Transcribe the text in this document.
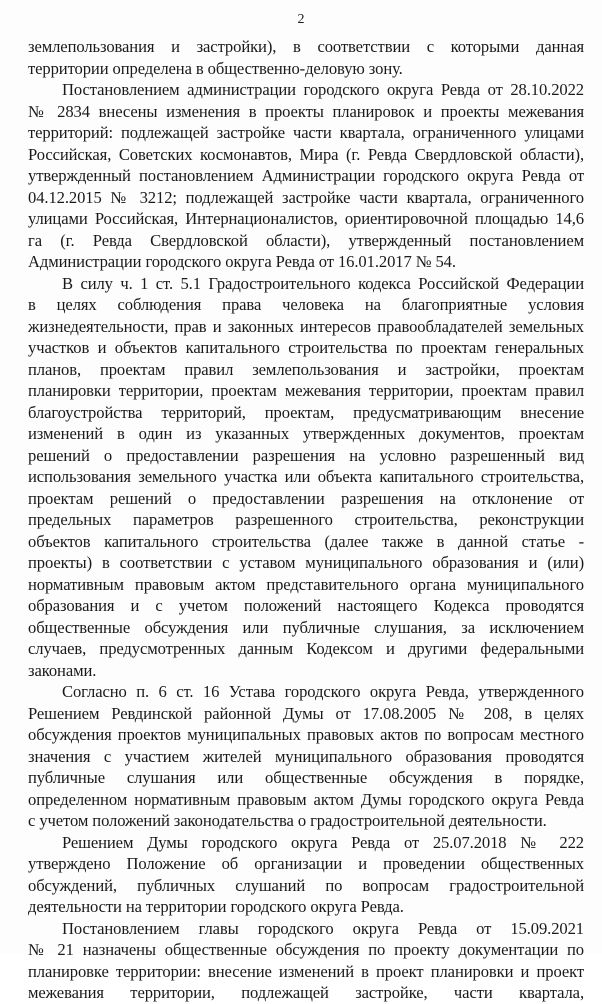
2
землепользования и застройки), в соответствии с которыми данная
территории определена в общественно-деловую зону.
Постановлением администрации городского округа Ревда от 28.10.2022
№ 2834 внесены изменения в проекты планировок и проекты межевания
территорий: подлежащей застройке части квартала, ограниченного улицами
Российская, Советских космонавтов, Мира (г. Ревда Свердловской области),
утвержденный постановлением Администрации городского округа Ревда от
04.12.2015 № 3212; подлежащей застройке части квартала, ограниченного
улицами Российская, Интернационалистов, ориентировочной площадью 14,6
га (г. Ревда Свердловской области), утвержденный постановлением
Администрации городского округа Ревда от 16.01.2017 № 54.
В силу ч. 1 ст. 5.1 Градостроительного кодекса Российской Федерации
в целях соблюдения права человека на благоприятные условия
жизнедеятельности, прав и законных интересов правообладателей земельных
участков и объектов капитального строительства по проектам генеральных
планов, проектам правил землепользования и застройки, проектам
планировки территории, проектам межевания территории, проектам правил
благоустройства территорий, проектам, предусматривающим внесение
изменений в один из указанных утвержденных документов, проектам
решений о предоставлении разрешения на условно разрешенный вид
использования земельного участка или объекта капитального строительства,
проектам решений о предоставлении разрешения на отклонение от
предельных параметров разрешенного строительства, реконструкции
объектов капитального строительства (далее также в данной статье -
проекты) в соответствии с уставом муниципального образования и (или)
нормативным правовым актом представительного органа муниципального
образования и с учетом положений настоящего Кодекса проводятся
общественные обсуждения или публичные слушания, за исключением
случаев, предусмотренных данным Кодексом и другими федеральными
законами.
Согласно п. 6 ст. 16 Устава городского округа Ревда, утвержденного
Решением Ревдинской районной Думы от 17.08.2005 № 208, в целях
обсуждения проектов муниципальных правовых актов по вопросам местного
значения с участием жителей муниципального образования проводятся
публичные слушания или общественные обсуждения в порядке,
определенном нормативным правовым актом Думы городского округа Ревда
с учетом положений законодательства о градостроительной деятельности.
Решением Думы городского округа Ревда от 25.07.2018 № 222
утверждено Положение об организации и проведении общественных
обсуждений, публичных слушаний по вопросам градостроительной
деятельности на территории городского округа Ревда.
Постановлением главы городского округа Ревда от 15.09.2021
№ 21 назначены общественные обсуждения по проекту документации по
планировке территории: внесение изменений в проект планировки и проект
межевания территории, подлежащей застройке, части квартала,
